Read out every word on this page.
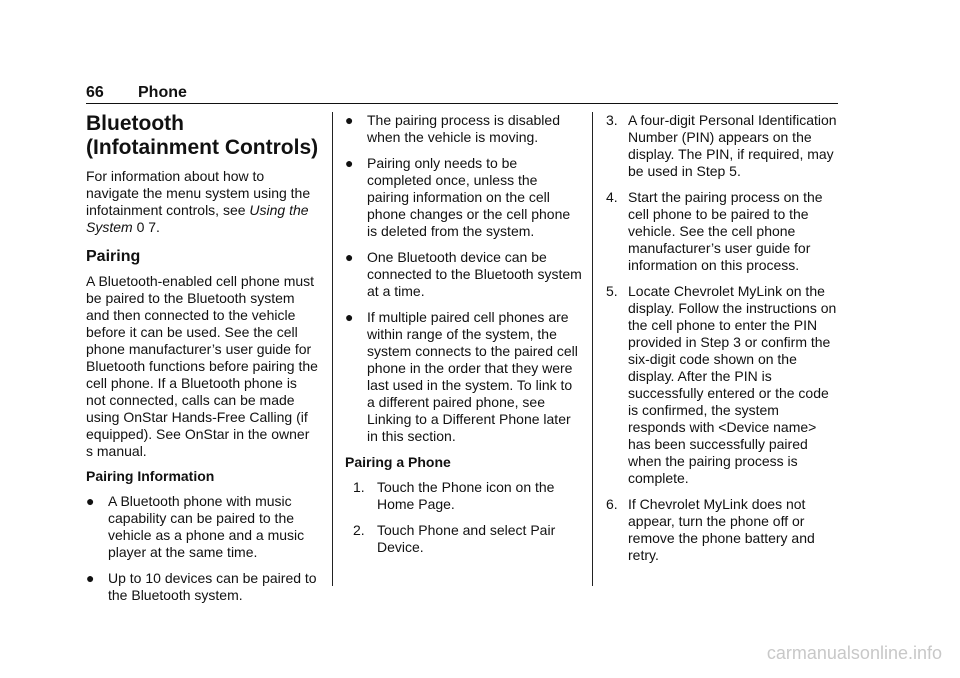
66 Phone
Bluetooth (Infotainment Controls)

For information about how to navigate the menu system using the infotainment controls, see Using the System 0 7.

Pairing

A Bluetooth-enabled cell phone must be paired to the Bluetooth system and then connected to the vehicle before it can be used. See the cell phone manufacturer’s user guide for Bluetooth functions before pairing the cell phone. If a Bluetooth phone is not connected, calls can be made using OnStar Hands-Free Calling (if equipped). See OnStar in the owner s manual.

Pairing Information
● A Bluetooth phone with music capability can be paired to the vehicle as a phone and a music player at the same time.
● Up to 10 devices can be paired to the Bluetooth system.
● The pairing process is disabled when the vehicle is moving.
● Pairing only needs to be completed once, unless the pairing information on the cell phone changes or the cell phone is deleted from the system.
● One Bluetooth device can be connected to the Bluetooth system at a time.
● If multiple paired cell phones are within range of the system, the system connects to the paired cell phone in the order that they were last used in the system. To link to a different paired phone, see Linking to a Different Phone later in this section.
Pairing a Phone
1. Touch the Phone icon on the Home Page.
2. Touch Phone and select Pair Device.
3. A four-digit Personal Identification Number (PIN) appears on the display. The PIN, if required, may be used in Step 5.
4. Start the pairing process on the cell phone to be paired to the vehicle. See the cell phone manufacturer’s user guide for information on this process.
5. Locate Chevrolet MyLink on the display. Follow the instructions on the cell phone to enter the PIN provided in Step 3 or confirm the six-digit code shown on the display. After the PIN is successfully entered or the code is confirmed, the system responds with <Device name> has been successfully paired when the pairing process is complete.
6. If Chevrolet MyLink does not appear, turn the phone off or remove the phone battery and retry.
carmanualsonline.info
